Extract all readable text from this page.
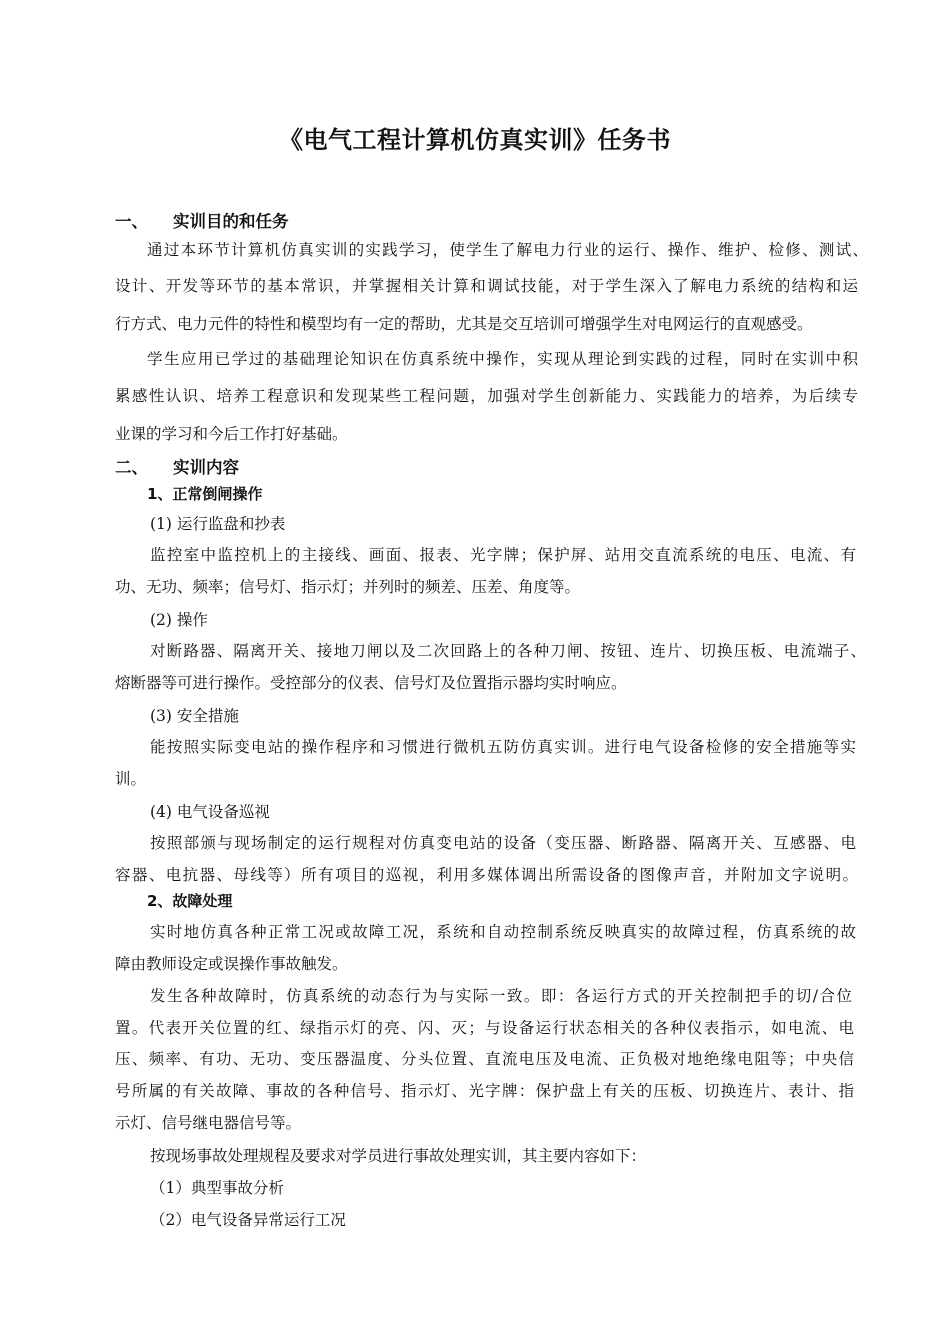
《电气工程计算机仿真实训》任务书
一、 实训目的和任务
通过本环节计算机仿真实训的实践学习，使学生了解电力行业的运行、操作、维护、检修、测试、
设计、开发等环节的基本常识，并掌握相关计算和调试技能，对于学生深入了解电力系统的结构和运
行方式、电力元件的特性和模型均有一定的帮助，尤其是交互培训可增强学生对电网运行的直观感受。
学生应用已学过的基础理论知识在仿真系统中操作，实现从理论到实践的过程，同时在实训中积
累感性认识、培养工程意识和发现某些工程问题，加强对学生创新能力、实践能力的培养，为后续专
业课的学习和今后工作打好基础。
二、 实训内容
1、正常倒闸操作
(1) 运行监盘和抄表
监控室中监控机上的主接线、画面、报表、光字牌；保护屏、站用交直流系统的电压、电流、有
功、无功、频率；信号灯、指示灯；并列时的频差、压差、角度等。
(2) 操作
对断路器、隔离开关、接地刀闸以及二次回路上的各种刀闸、按钮、连片、切换压板、电流端子、
熔断器等可进行操作。受控部分的仪表、信号灯及位置指示器均实时响应。
(3) 安全措施
能按照实际变电站的操作程序和习惯进行微机五防仿真实训。进行电气设备检修的安全措施等实
训。
(4) 电气设备巡视
按照部颁与现场制定的运行规程对仿真变电站的设备（变压器、断路器、隔离开关、互感器、电
容器、电抗器、母线等）所有项目的巡视，利用多媒体调出所需设备的图像声音，并附加文字说明。
2、故障处理
实时地仿真各种正常工况或故障工况，系统和自动控制系统反映真实的故障过程，仿真系统的故
障由教师设定或误操作事故触发。
发生各种故障时，仿真系统的动态行为与实际一致。即：各运行方式的开关控制把手的切/合位
置。代表开关位置的红、绿指示灯的亮、闪、灭；与设备运行状态相关的各种仪表指示，如电流、电
压、频率、有功、无功、变压器温度、分头位置、直流电压及电流、正负极对地绝缘电阻等；中央信
号所属的有关故障、事故的各种信号、指示灯、光字牌：保护盘上有关的压板、切换连片、表计、指
示灯、信号继电器信号等。
按现场事故处理规程及要求对学员进行事故处理实训，其主要内容如下：
（1）典型事故分析
（2）电气设备异常运行工况
